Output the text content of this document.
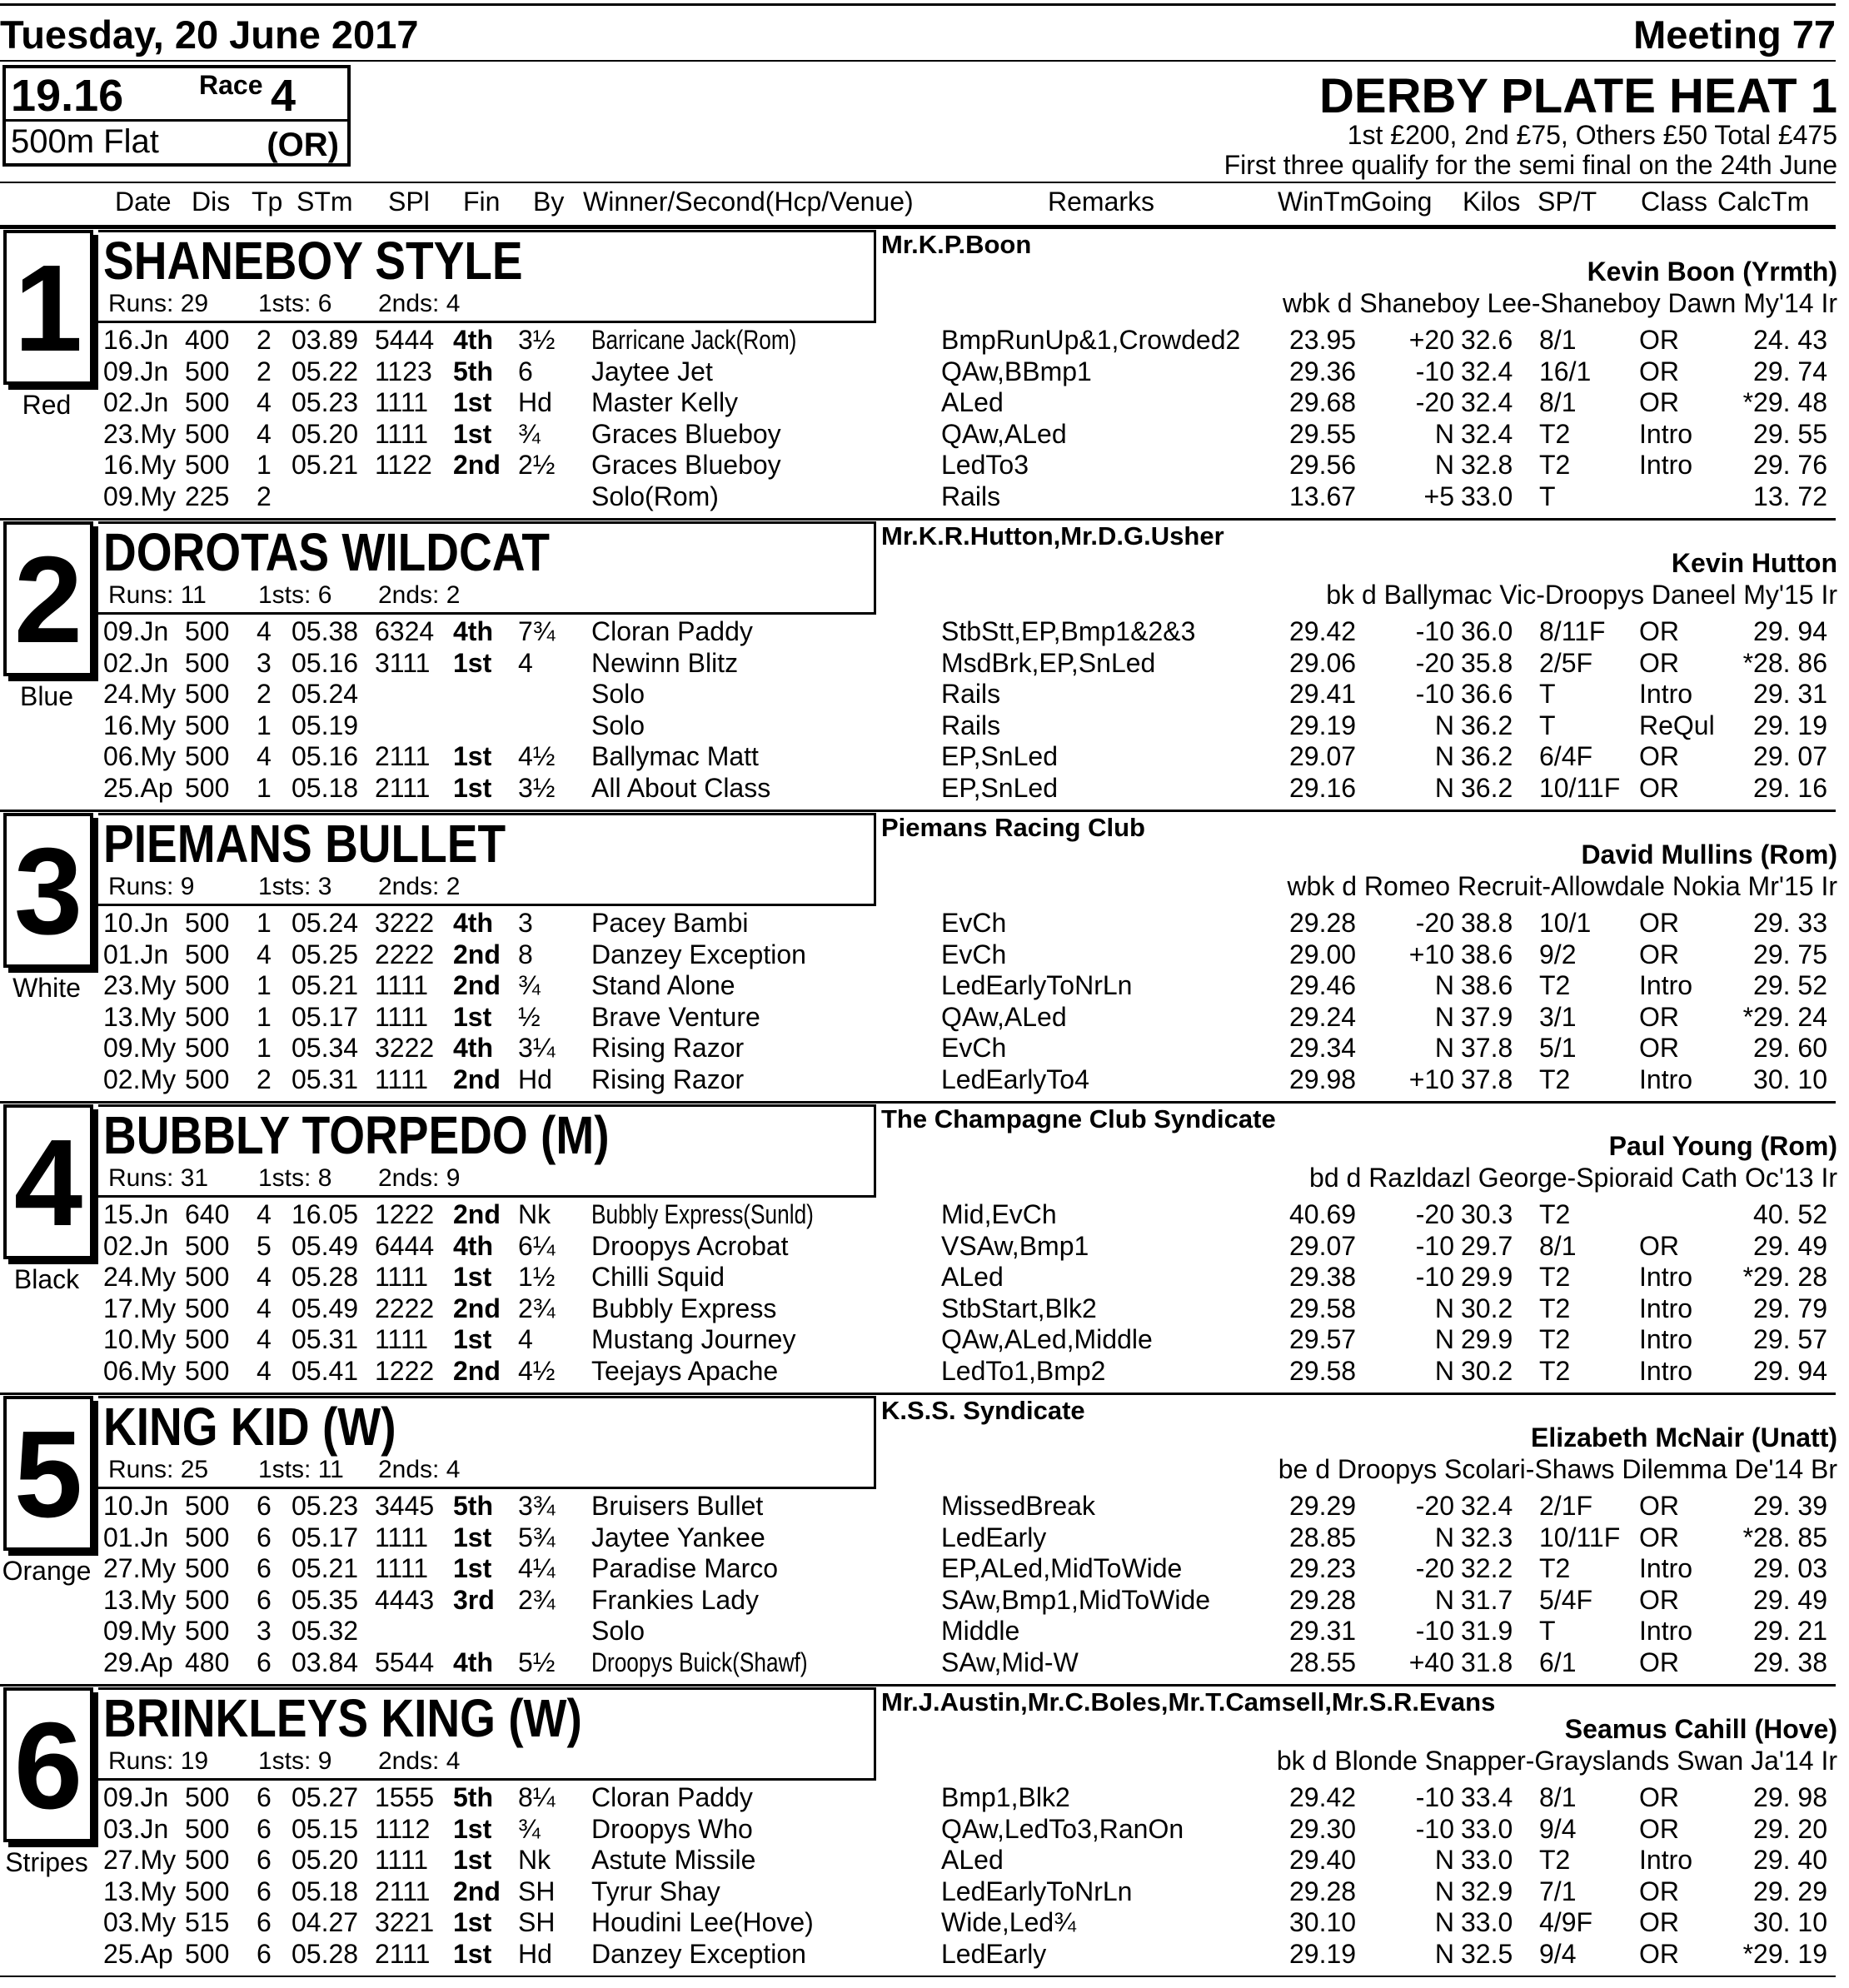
Tuesday, 20 June 2017	Meeting 77
19.16	Race 4
500m Flat	(OR)
DERBY PLATE HEAT 1
1st £200, 2nd £75, Others £50 Total £475
First three qualify for the semi final on the 24th June
Date Dis Tp STm SPl Fin By Winner/Second(Hcp/Venue)	Remarks	WinTm
Going Kilos SP/T Class CalcTm
1
Red
SHANEBOY STYLE
Runs: 29 1sts: 6 2nds: 4
Mr.K.P.Boon
Kevin Boon (Yrmth)
wbk d Shaneboy Lee-Shaneboy Dawn My'14 Ir
16.Jn 400 2 03.89 5444 4th 3½ Barricane Jack(Rom)	BmpRunUp&1,Crowded2 23.95 +20 32.6 8/1 OR	24. 43
09.Jn 500 2 05.22 1123 5th 6 Jaytee Jet	QAw,BBmp1	29.36 -10 32.4 16/1 OR	29. 74
02.Jn 500 4 05.23 1111 1st Hd Master Kelly	ALed	29.68 -20 32.4 8/1 OR *29. 48
23.My 500 4 05.20 1111 1st ¾ Graces Blueboy	QAw,ALed	29.55	N 32.4 T2	Intro 29. 55
16.My 500 1 05.21 1122 2nd 2½ Graces Blueboy	LedTo3	29.56	N 32.8 T2	Intro 29. 76
09.My 225 2	Solo(Rom)	Rails	13.67	+5 33.0 T	13. 72
2
Blue
DOROTAS WILDCAT
Runs: 11 1sts: 6 2nds: 2
Mr.K.R.Hutton,Mr.D.G.Usher
Kevin Hutton
bk d Ballymac Vic-Droopys Daneel My'15 Ir
09.Jn 500 4 05.38 6324 4th 7¾ Cloran Paddy	StbStt,EP,Bmp1&2&3	29.42 -10 36.0 8/11F OR	29. 94
02.Jn 500 3 05.16 3111 1st 4 Newinn Blitz	MsdBrk,EP,SnLed	29.06 -20 35.8 2/5F OR *28. 86
24.My 500 2 05.24	Solo	Rails	29.41 -10 36.6 T	Intro 29. 31
16.My 500 1 05.19	Solo	Rails	29.19	N 36.2 T	ReQul 29. 19
06.My 500 4 05.16 2111 1st 4½ Ballymac Matt	EP,SnLed	29.07	N 36.2 6/4F OR	29. 07
25.Ap 500 1 05.18 2111 1st 3½ All About Class	EP,SnLed	29.16	N 36.2 10/11F OR	29. 16
3
White
PIEMANS BULLET
Runs: 9	1sts: 3 2nds: 2
Piemans Racing Club
David Mullins (Rom)
wbk d Romeo Recruit-Allowdale Nokia Mr'15 Ir
10.Jn 500 1 05.24 3222 4th 3 Pacey Bambi	EvCh	29.28 -20 38.8 10/1 OR	29. 33
01.Jn 500 4 05.25 2222 2nd 8 Danzey Exception	EvCh	29.00 +10 38.6 9/2 OR	29. 75
23.My 500 1 05.21 1111 2nd ¾ Stand Alone	LedEarlyToNrLn	29.46	N 38.6 T2	Intro 29. 52
13.My 500 1 05.17 1111 1st ½ Brave Venture	QAw,ALed	29.24	N 37.9 3/1 OR *29. 24
09.My 500 1 05.34 3222 4th 3¼ Rising Razor	EvCh	29.34	N 37.8 5/1 OR	29. 60
02.My 500 2 05.31 1111 2nd Hd Rising Razor	LedEarlyTo4	29.98 +10 37.8 T2	Intro 30. 10
4
Black
BUBBLY TORPEDO (M)
Runs: 31 1sts: 8 2nds: 9
The Champagne Club Syndicate
Paul Young (Rom)
bd d Razldazl George-Spioraid Cath Oc'13 Ir
15.Jn 640 4 16.05 1222 2nd Nk Bubbly Express(Sunld)	Mid,EvCh	40.69 -20 30.3 T2	40. 52
02.Jn 500 5 05.49 6444 4th 6¼ Droopys Acrobat	VSAw,Bmp1	29.07 -10 29.7 8/1 OR	29. 49
24.My 500 4 05.28 1111 1st 1½ Chilli Squid	ALed	29.38 -10 29.9 T2	Intro *29. 28
17.My 500 4 05.49 2222 2nd 2¾ Bubbly Express	StbStart,Blk2	29.58	N 30.2 T2	Intro 29. 79
10.My 500 4 05.31 1111 1st 4 Mustang Journey	QAw,ALed,Middle	29.57	N 29.9 T2	Intro 29. 57
06.My 500 4 05.41 1222 2nd 4½ Teejays Apache	LedTo1,Bmp2	29.58	N 30.2 T2	Intro 29. 94
5
Orange
KING KID (W)
Runs: 25 1sts: 11 2nds: 4
K.S.S. Syndicate
Elizabeth McNair (Unatt)
be d Droopys Scolari-Shaws Dilemma De'14 Br
10.Jn 500 6 05.23 3445 5th 3¾ Bruisers Bullet	MissedBreak	29.29 -20 32.4 2/1F OR	29. 39
01.Jn 500 6 05.17 1111 1st 5¾ Jaytee Yankee	LedEarly	28.85	N 32.3 10/11F OR *28. 85
27.My 500 6 05.21 1111 1st 4¼ Paradise Marco	EP,ALed,MidToWide	29.23 -20 32.2 T2	Intro 29. 03
13.My 500 6 05.35 4443 3rd 2¾ Frankies Lady	SAw,Bmp1,MidToWide	29.28	N 31.7 5/4F OR	29. 49
09.My 500 3 05.32	Solo	Middle	29.31 -10 31.9 T	Intro 29. 21
29.Ap 480 6 03.84 5544 4th 5½ Droopys Buick(Shawf)	SAw,Mid-W	28.55 +40 31.8 6/1 OR	29. 38
6
Stripes
BRINKLEYS KING (W)
Runs: 19 1sts: 9 2nds: 4
Mr.J.Austin,Mr.C.Boles,Mr.T.Camsell,Mr.S.R.Evans
Seamus Cahill (Hove)
bk d Blonde Snapper-Grayslands Swan Ja'14 Ir
09.Jn 500 6 05.27 1555 5th 8¼ Cloran Paddy	Bmp1,Blk2	29.42 -10 33.4 8/1 OR	29. 98
03.Jn 500 6 05.15 1112 1st ¾ Droopys Who	QAw,LedTo3,RanOn	29.30 -10 33.0 9/4 OR	29. 20
27.My 500 6 05.20 1111 1st Nk Astute Missile	ALed	29.40	N 33.0 T2	Intro 29. 40
13.My 500 6 05.18 2111 2nd SH Tyrur Shay	LedEarlyToNrLn	29.28	N 32.9 7/1 OR	29. 29
03.My 515 6 04.27 3221 1st SH Houdini Lee(Hove)	Wide,Led¾	30.10	N 33.0 4/9F OR	30. 10
25.Ap 500 6 05.28 2111 1st Hd Danzey Exception	LedEarly	29.19	N 32.5 9/4 OR *29. 19
